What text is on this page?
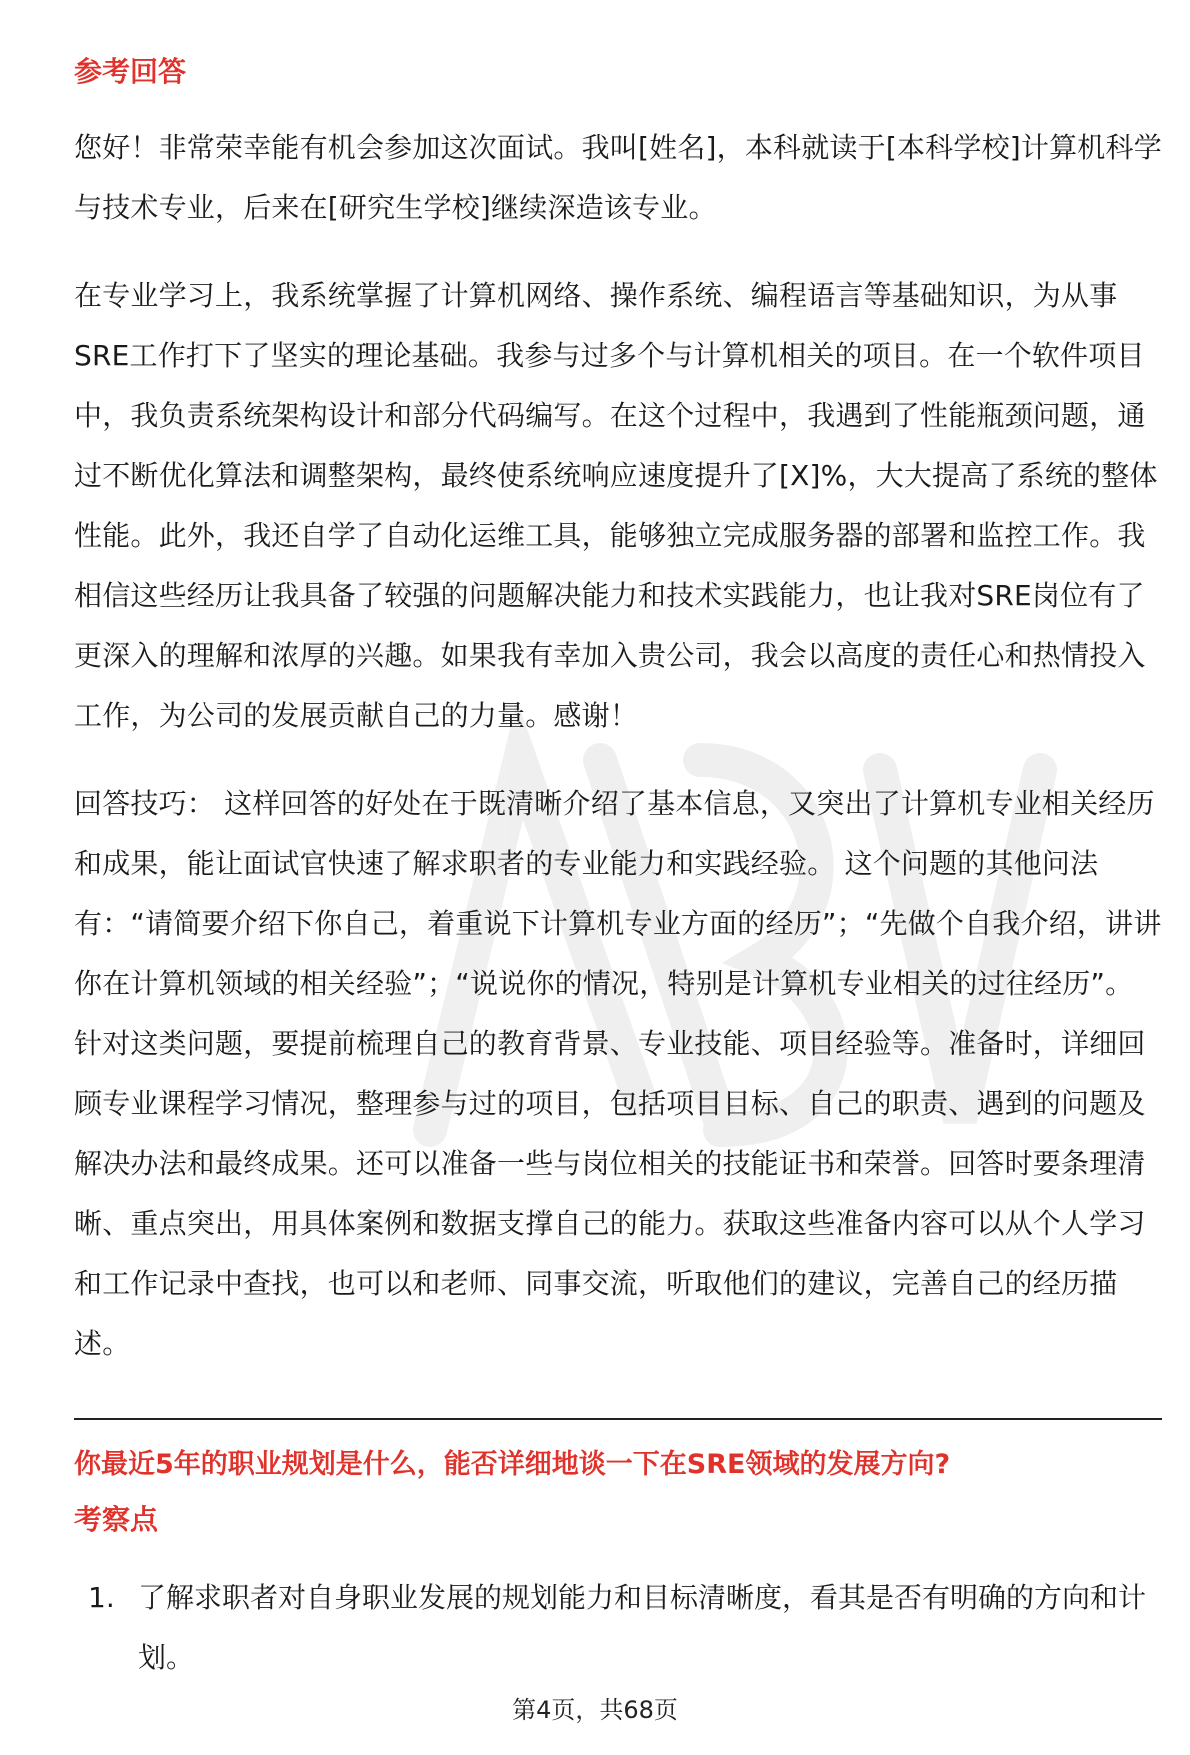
参考回答

您好！非常荣幸能有机会参加这次面试。我叫[姓名]，本科就读于[本科学校]计算机科学与技术专业，后来在[研究生学校]继续深造该专业。

在专业学习上，我系统掌握了计算机网络、操作系统、编程语言等基础知识，为从事SRE工作打下了坚实的理论基础。我参与过多个与计算机相关的项目。在一个软件项目中，我负责系统架构设计和部分代码编写。在这个过程中，我遇到了性能瓶颈问题，通过不断优化算法和调整架构，最终使系统响应速度提升了[X]%，大大提高了系统的整体性能。此外，我还自学了自动化运维工具，能够独立完成服务器的部署和监控工作。我相信这些经历让我具备了较强的问题解决能力和技术实践能力，也让我对SRE岗位有了更深入的理解和浓厚的兴趣。如果我有幸加入贵公司，我会以高度的责任心和热情投入工作，为公司的发展贡献自己的力量。感谢！

回答技巧： 这样回答的好处在于既清晰介绍了基本信息，又突出了计算机专业相关经历和成果，能让面试官快速了解求职者的专业能力和实践经验。 这个问题的其他问法有：“请简要介绍下你自己，着重说下计算机专业方面的经历”；“先做个自我介绍，讲讲你在计算机领域的相关经验”；“说说你的情况，特别是计算机专业相关的过往经历”。 针对这类问题，要提前梳理自己的教育背景、专业技能、项目经验等。准备时，详细回顾专业课程学习情况，整理参与过的项目，包括项目目标、自己的职责、遇到的问题及解决办法和最终成果。还可以准备一些与岗位相关的技能证书和荣誉。回答时要条理清晰、重点突出，用具体案例和数据支撑自己的能力。获取这些准备内容可以从个人学习和工作记录中查找，也可以和老师、同事交流，听取他们的建议，完善自己的经历描述。

你最近5年的职业规划是什么，能否详细地谈一下在SRE领域的发展方向?

考察点

1. 了解求职者对自身职业发展的规划能力和目标清晰度，看其是否有明确的方向和计划。
第4页，共68页
